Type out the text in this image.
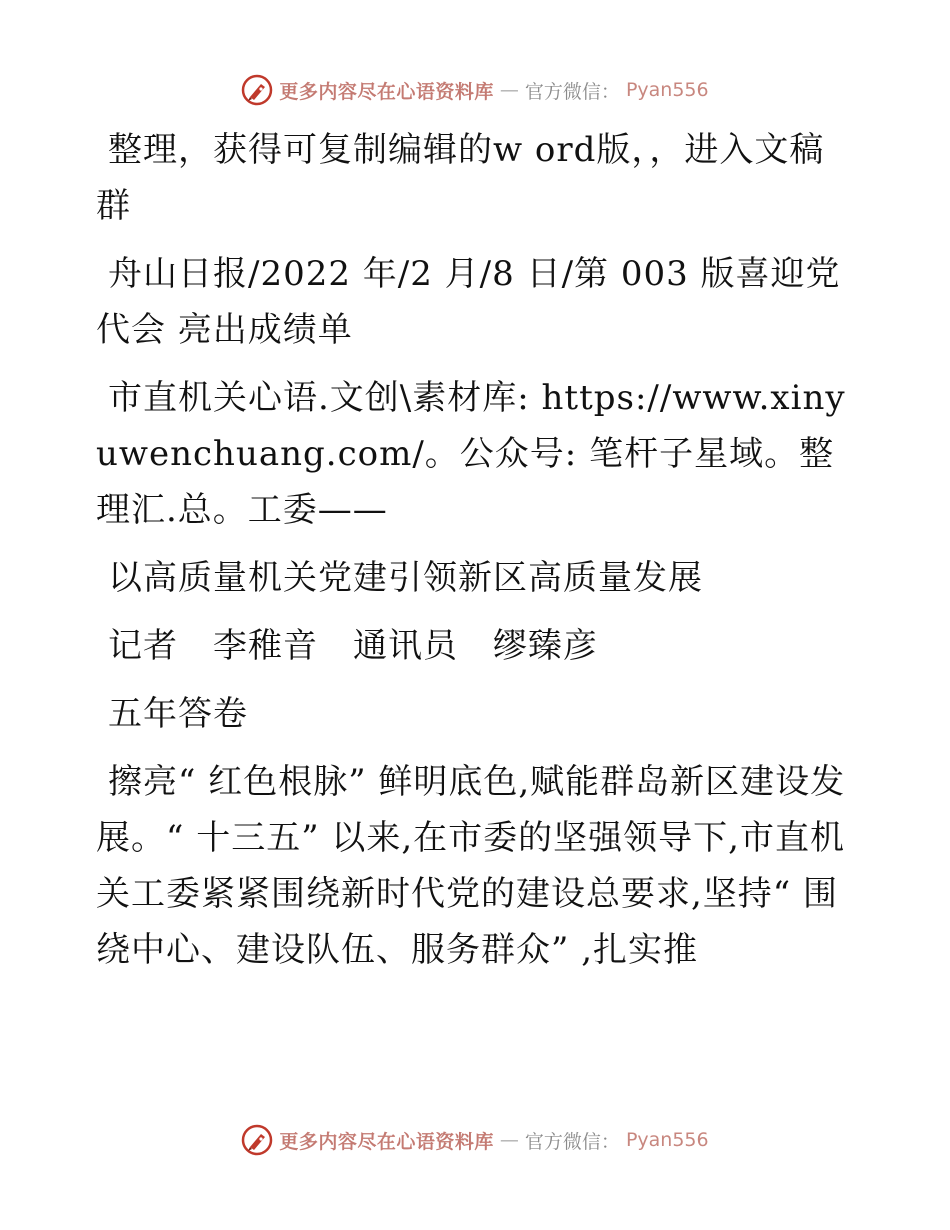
更多内容尽在心语资料库 — 官方微信： Pyan556

整理，获得可复制编辑的w ord版，，进入文稿群

舟山日报/2022 年/2 月/8 日/第 003 版喜迎党代会 亮出成绩单

市直机关心语.文创\素材库: https://www.xinyuwenchuang.com/。公众号: 笔杆子星域。整理汇.总。工委——

以高质量机关党建引领新区高质量发展

记者　李稚音　通讯员　缪臻彦

五年答卷

擦亮“ 红色根脉” 鲜明底色,赋能群岛新区建设发展。“ 十三五” 以来,在市委的坚强领导下,市直机关工委紧紧围绕新时代党的建设总要求,坚持“ 围绕中心、建设队伍、服务群众” ,扎实推

更多内容尽在心语资料库 — 官方微信： Pyan556
